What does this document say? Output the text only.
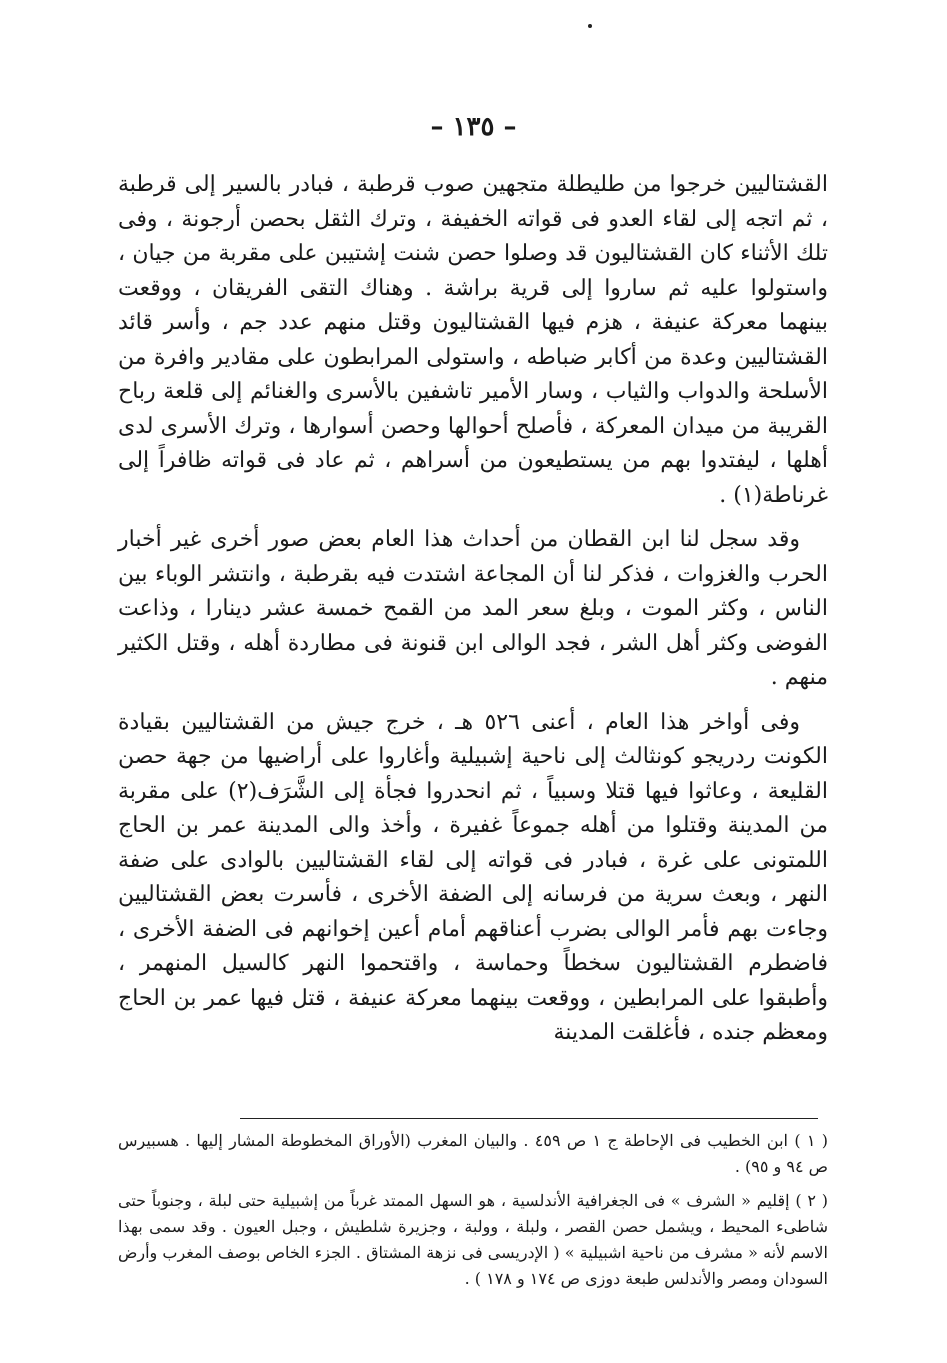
– ١٣٥ –

القشتاليين خرجوا من طليطلة متجهين صوب قرطبة ، فبادر بالسير إلى قرطبة ، ثم اتجه إلى لقاء العدو فى قواته الخفيفة ، وترك الثقل بحصن أرجونة ، وفى تلك الأثناء كان القشتاليون قد وصلوا حصن شنت إشتيبن على مقربة من جيان ، واستولوا عليه ثم ساروا إلى قرية براشة . وهناك التقى الفريقان ، ووقعت بينهما معركة عنيفة ، هزم فيها القشتاليون وقتل منهم عدد جم ، وأسر قائد القشتاليين وعدة من أكابر ضباطه ، واستولى المرابطون على مقادير وافرة من الأسلحة والدواب والثياب ، وسار الأمير تاشفين بالأسرى والغنائم إلى قلعة رباح القريبة من ميدان المعركة ، فأصلح أحوالها وحصن أسوارها ، وترك الأسرى لدى أهلها ، ليفتدوا بهم من يستطيعون من أسراهم ، ثم عاد فى قواته ظافراً إلى غرناطة(١) .

وقد سجل لنا ابن القطان من أحداث هذا العام بعض صور أخرى غير أخبار الحرب والغزوات ، فذكر لنا أن المجاعة اشتدت فيه بقرطبة ، وانتشر الوباء بين الناس ، وكثر الموت ، وبلغ سعر المد من القمح خمسة عشر دينارا ، وذاعت الفوضى وكثر أهل الشر ، فجد الوالى ابن قنونة فى مطاردة أهله ، وقتل الكثير منهم .

وفى أواخر هذا العام ، أعنى ٥٢٦ هـ ، خرج جيش من القشتاليين بقيادة الكونت ردريجو كونثالث إلى ناحية إشبيلية وأغاروا على أراضيها من جهة حصن القليعة ، وعاثوا فيها قتلا وسبياً ، ثم انحدروا فجأة إلى الشَّرَف(٢) على مقربة من المدينة وقتلوا من أهله جموعاً غفيرة ، وأخذ والى المدينة عمر بن الحاج اللمتونى على غرة ، فبادر فى قواته إلى لقاء القشتاليين بالوادى على ضفة النهر ، وبعث سرية من فرسانه إلى الضفة الأخرى ، فأسرت بعض القشتاليين وجاءت بهم فأمر الوالى بضرب أعناقهم أمام أعين إخوانهم فى الضفة الأخرى ، فاضطرم القشتاليون سخطاً وحماسة ، واقتحموا النهر كالسيل المنهمر ، وأطبقوا على المرابطين ، ووقعت بينهما معركة عنيفة ، قتل فيها عمر بن الحاج ومعظم جنده ، فأغلقت المدينة

( ١ ) ابن الخطيب فى الإحاطة ج ١ ص ٤٥٩ . والبيان المغرب (الأوراق المخطوطة المشار إليها . هسبيرس ص ٩٤ و ٩٥) .

( ٢ ) إقليم « الشرف » فى الجغرافية الأندلسية ، هو السهل الممتد غرباً من إشبيلية حتى لبلة ، وجنوباً حتى شاطىء المحيط ، ويشمل حصن القصر ، ولبلة ، وولبة ، وجزيرة شلطيش ، وجبل العيون . وقد سمى بهذا الاسم لأنه « مشرف من ناحية اشبيلية » ( الإدريسى فى نزهة المشتاق . الجزء الخاص بوصف المغرب وأرض السودان ومصر والأندلس طبعة دوزى ص ١٧٤ و ١٧٨ ) .
